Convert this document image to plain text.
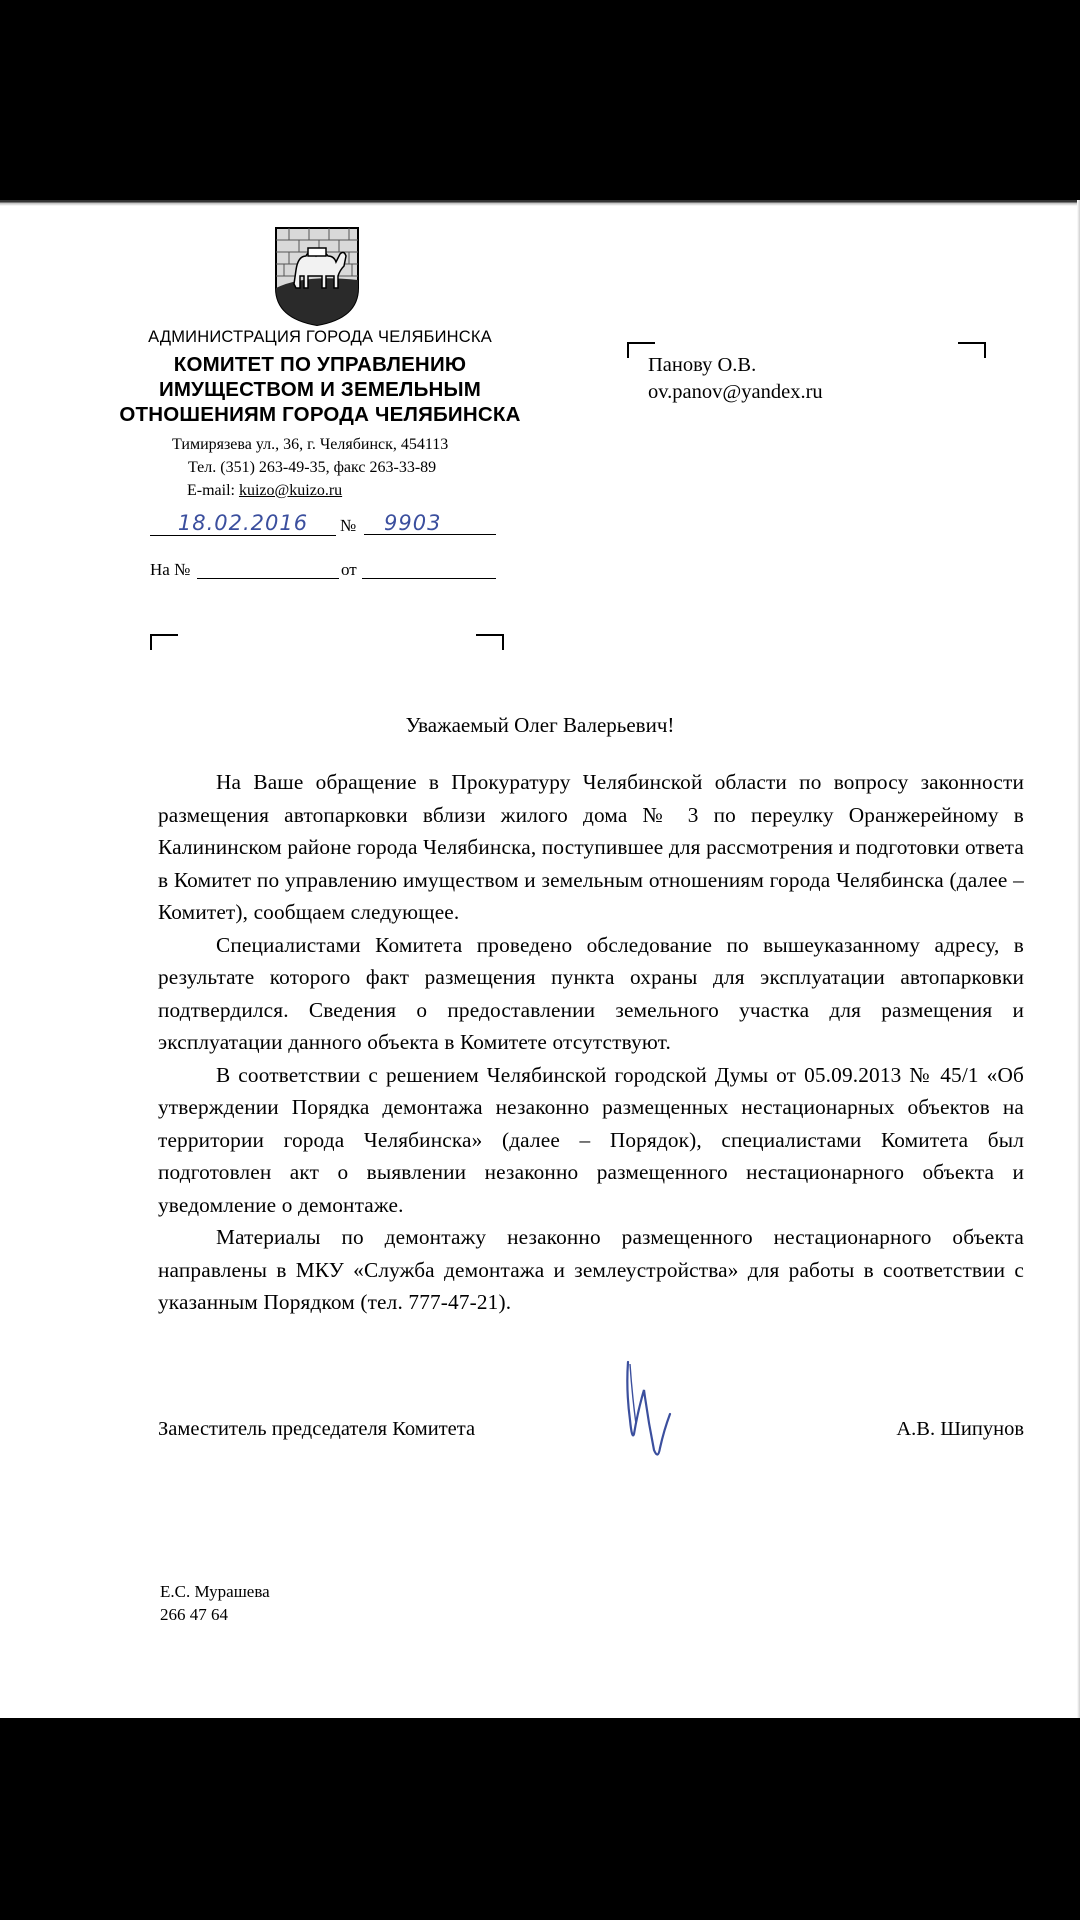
АДМИНИСТРАЦИЯ ГОРОДА ЧЕЛЯБИНСКА
КОМИТЕТ ПО УПРАВЛЕНИЮ
ИМУЩЕСТВОМ И ЗЕМЕЛЬНЫМ
ОТНОШЕНИЯМ ГОРОДА ЧЕЛЯБИНСКА
Тимирязева ул., 36, г. Челябинск, 454113
Тел. (351) 263-49-35, факс 263-33-89
E-mail: kuizo@kuizo.ru
18.02.2016	№	9903
На №	от
Панову О.В.
ov.panov@yandex.ru
Уважаемый Олег Валерьевич!

На Ваше обращение в Прокуратуру Челябинской области по вопросу законности размещения автопарковки вблизи жилого дома № 3 по переулку Оранжерейному в Калининском районе города Челябинска, поступившее для рассмотрения и подготовки ответа в Комитет по управлению имуществом и земельным отношениям города Челябинска (далее – Комитет), сообщаем следующее.

Специалистами Комитета проведено обследование по вышеуказанному адресу, в результате которого факт размещения пункта охраны для эксплуатации автопарковки подтвердился. Сведения о предоставлении земельного участка для размещения и эксплуатации данного объекта в Комитете отсутствуют.

В соответствии с решением Челябинской городской Думы от 05.09.2013 № 45/1 «Об утверждении Порядка демонтажа незаконно размещенных нестационарных объектов на территории города Челябинска» (далее – Порядок), специалистами Комитета был подготовлен акт о выявлении незаконно размещенного нестационарного объекта и уведомление о демонтаже.

Материалы по демонтажу незаконно размещенного нестационарного объекта направлены в МКУ «Служба демонтажа и землеустройства» для работы в соответствии с указанным Порядком (тел. 777-47-21).

Заместитель председателя Комитета	А.В. Шипунов
Е.С. Мурашева
266 47 64
